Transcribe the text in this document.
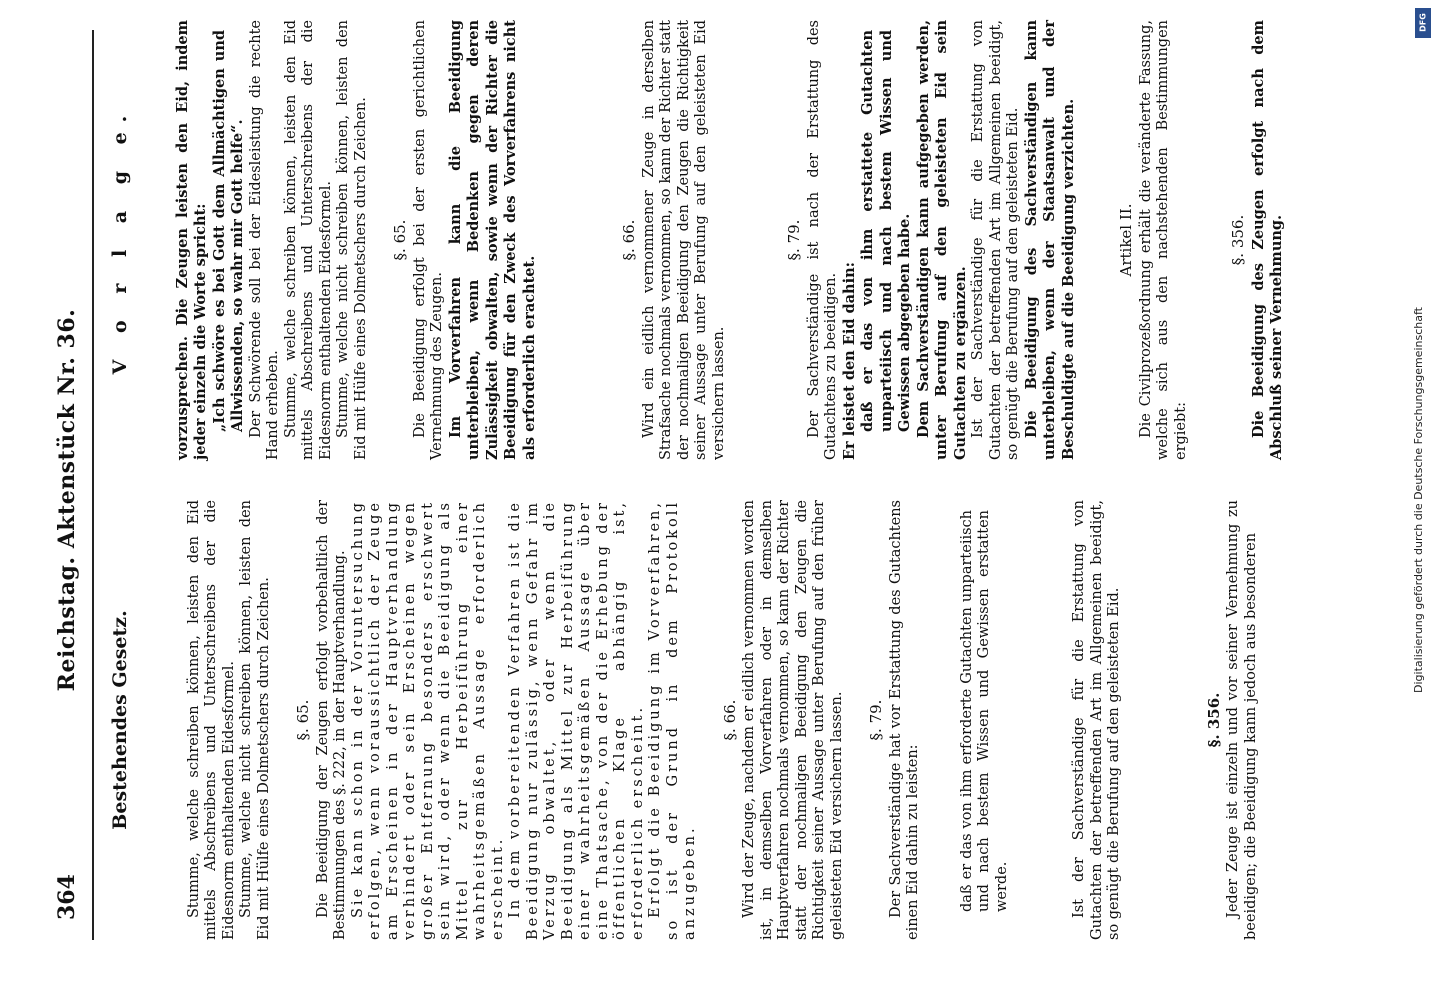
364
Reichstag. Aktenstück Nr. 36.
Bestehendes Gesetz.	Stumme, welche schreiben können, leisten den Eid mittels Abschreibens und Unterschreibens der die Eidesnorm enthaltenden Eidesformel. Stumme, welche nicht schreiben können, leisten den Eid mit Hülfe eines Dolmetschers durch Zeichen. §. 65. Die Beeidigung der Zeugen erfolgt vorbehaltlich der Bestimmungen des §. 222, in der Hauptverhandlung. Sie kann schon in der Voruntersuchung erfolgen, wenn voraussichtlich der Zeuge am Erscheinen in der Hauptverhandlung verhindert oder sein Erscheinen wegen großer Entfernung besonders erschwert sein wird, oder wenn die Beeidigung als Mittel zur Herbeiführung einer wahrheitsgemäßen Aussage erforderlich erscheint. In dem vorbereitenden Verfahren ist die Beeidigung nur zulässig, wenn Gefahr im Verzug obwaltet, oder wenn die Beeidigung als Mittel zur Herbeiführung einer wahrheitsgemäßen Aussage über eine Thatsache, von der die Erhebung der öffentlichen Klage abhängig ist, erforderlich erscheint. Erfolgt die Beeidigung im Vorverfahren, so ist der Grund in dem Protokoll anzugeben.

§. 66. Wird der Zeuge, nachdem er eidlich vernommen worden ist, in demselben Vorverfahren oder in demselben Hauptverfahren nochmals vernommen, so kann der Richter statt der nochmaligen Beeidigung den Zeugen die Richtigkeit seiner Aussage unter Berufung auf den früher geleisteten Eid versichern lassen. §. 79. Der Sachverständige hat vor Erstattung des Gutachtens einen Eid dahin zu leisten:	daß er das von ihm erforderte Gutachten unparteiisch und nach bestem Wissen und Gewissen erstatten werde.	Ist der Sachverständige für die Erstattung von Gutachten der betreffenden Art im Allgemeinen beeidigt, so genügt die Berufung auf den geleisteten Eid.	§. 356. Jeder Zeuge ist einzeln und vor seiner Vernehmung zu beeidigen; die Beeidigung kann jedoch aus besonderen

V o r l a g e.	vorzusprechen. Die Zeugen leisten den Eid, indem jeder einzeln die Worte spricht: „Ich schwöre es bei Gott dem Allmächtigen und Allwissenden, so wahr mir Gott helfe“. Der Schwörende soll bei der Eidesleistung die rechte Hand erheben. Stumme, welche schreiben können, leisten den Eid mittels Abschreibens und Unterschreibens der die Eidesnorm enthaltenden Eidesformel. Stumme, welche nicht schreiben können, leisten den Eid mit Hülfe eines Dolmetschers durch Zeichen. §. 65. Die Beeidigung erfolgt bei der ersten gerichtlichen Vernehmung des Zeugen. Im Vorverfahren kann die Beeidigung unterbleiben, wenn Bedenken gegen deren Zulässigkeit obwalten, sowie wenn der Richter die Beeidigung für den Zweck des Vorverfahrens nicht als erforderlich erachtet.

§. 66. Wird ein eidlich vernommener Zeuge in derselben Strafsache nochmals vernommen, so kann der Richter statt der nochmaligen Beeidigung den Zeugen die Richtigkeit seiner Aussage unter Berufung auf den geleisteten Eid versichern lassen.

§. 79. Der Sachverständige ist nach der Erstattung des Gutachtens zu beeidigen. Er leistet den Eid dahin: daß er das von ihm erstattete Gutachten unparteiisch und nach bestem Wissen und Gewissen abgegeben habe. Dem Sachverständigen kann aufgegeben werden, unter Berufung auf den geleisteten Eid sein Gutachten zu ergänzen. Ist der Sachverständige für die Erstattung von Gutachten der betreffenden Art im Allgemeinen beeidigt, so genügt die Berufung auf den geleisteten Eid. Die Beeidigung des Sachverständigen kann unterbleiben, wenn der Staatsanwalt und der Beschuldigte auf die Beeidigung verzichten.	Artikel II. Die Civilprozeßordnung erhält die veränderte Fassung, welche sich aus den nachstehenden Bestimmungen ergiebt:

§. 356. Die Beeidigung des Zeugen erfolgt nach dem Abschluß seiner Vernehmung.	Digitalisierung gefördert durch die Deutsche Forschungsgemeinschaft
DFG
